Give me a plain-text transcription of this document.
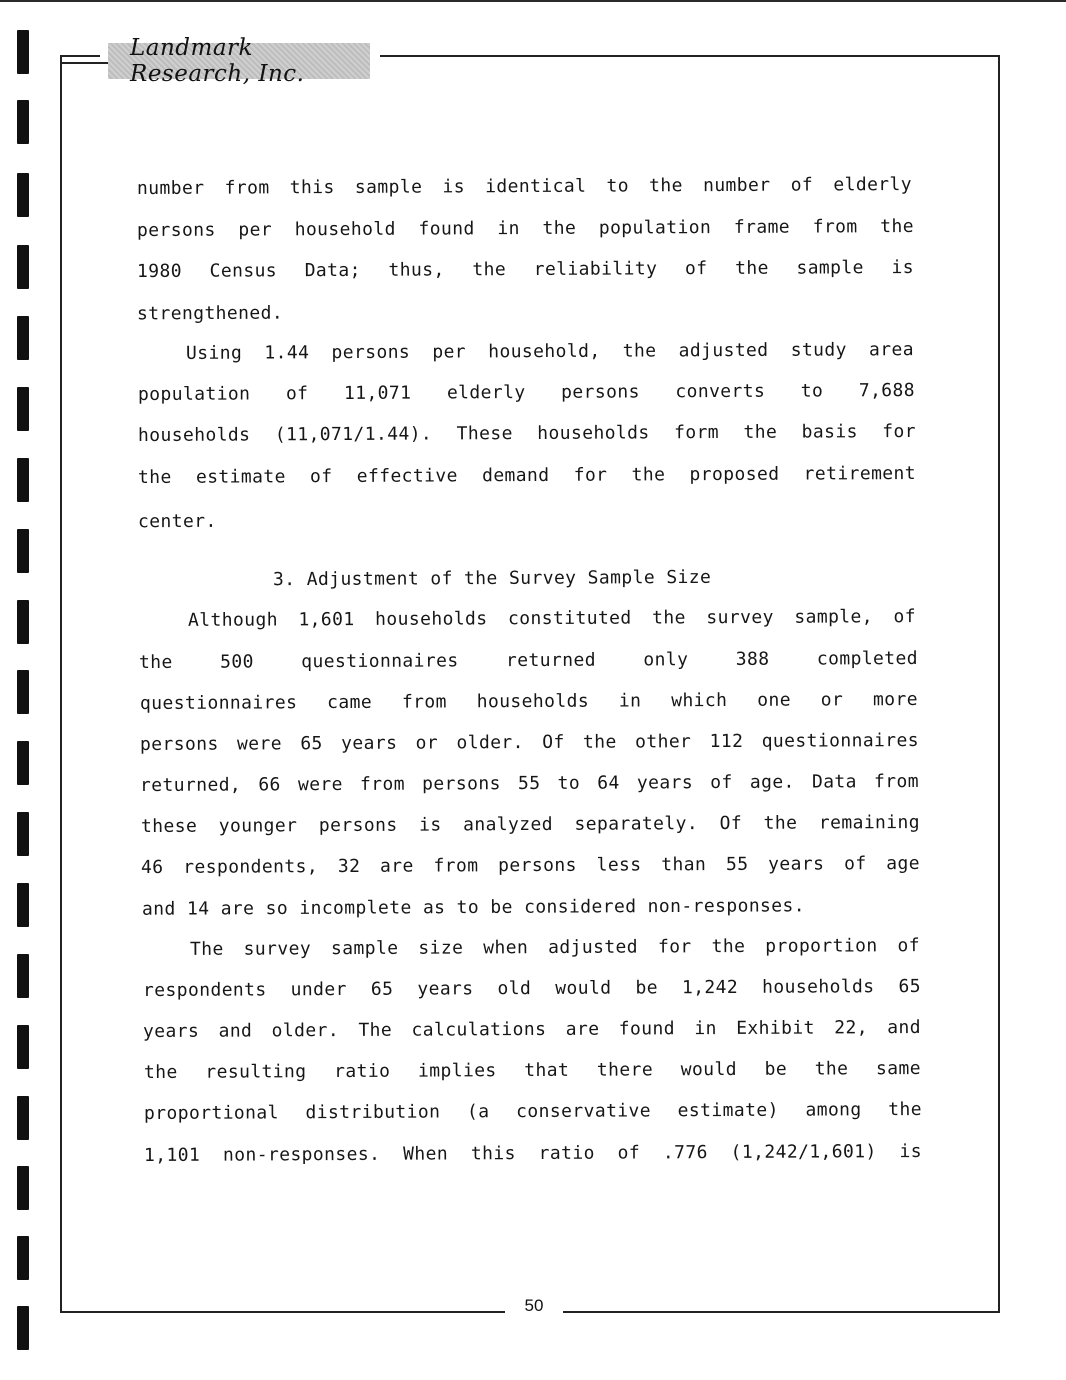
Landmark Research, Inc.

number from this sample is identical to the number of elderly

persons per household found in the population frame from the

1980 Census Data; thus, the reliability of the sample is

strengthened.

Using 1.44 persons per household, the adjusted study area

population of 11,071 elderly persons converts to 7,688

households (11,071/1.44). These households form the basis for

the estimate of effective demand for the proposed retirement

center.

3. Adjustment of the Survey Sample Size

Although 1,601 households constituted the survey sample, of

the 500 questionnaires returned only 388 completed

questionnaires came from households in which one or more

persons were 65 years or older. Of the other 112 questionnaires

returned, 66 were from persons 55 to 64 years of age. Data from

these younger persons is analyzed separately. Of the remaining

46 respondents, 32 are from persons less than 55 years of age

and 14 are so incomplete as to be considered non-responses.

The survey sample size when adjusted for the proportion of

respondents under 65 years old would be 1,242 households 65

years and older. The calculations are found in Exhibit 22, and

the resulting ratio implies that there would be the same

proportional distribution (a conservative estimate) among the

1,101 non-responses. When this ratio of .776 (1,242/1,601) is

50
